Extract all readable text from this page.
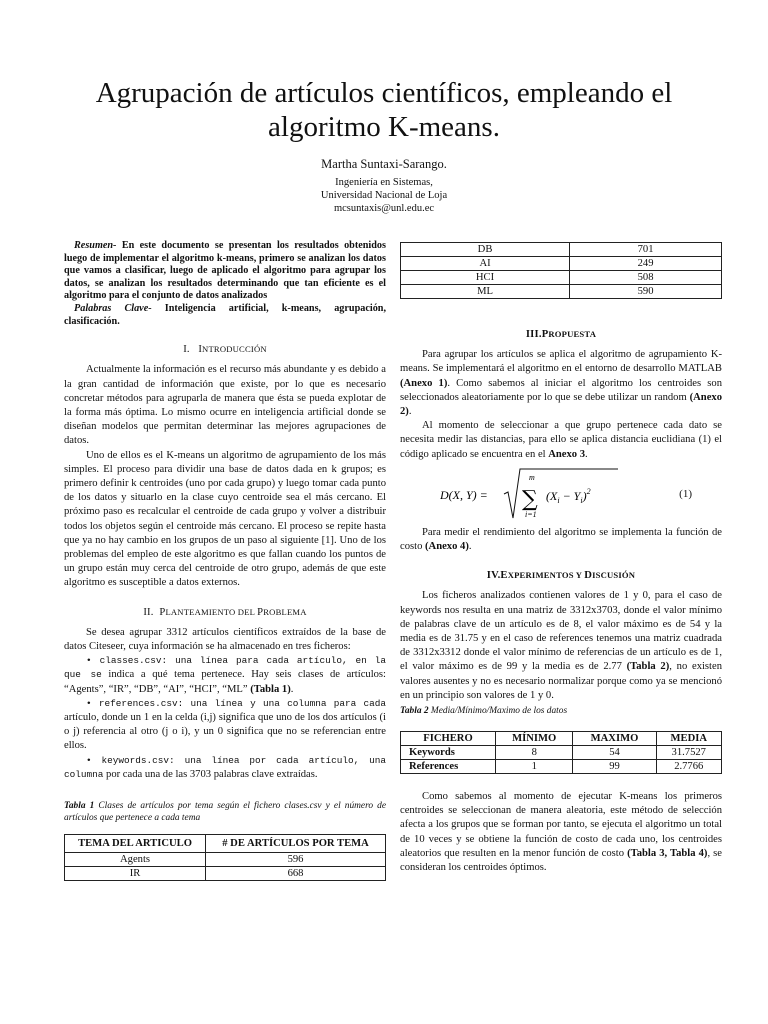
Agrupación de artículos científicos, empleando el algoritmo K-means.
Martha Suntaxi-Sarango.
Ingeniería en Sistemas,
Universidad Nacional de Loja
mcsuntaxis@unl.edu.ec

Resumen- En este documento se presentan los resultados obtenidos luego de implementar el algoritmo k-means, primero se analizan los datos que vamos a clasificar, luego de aplicado el algoritmo para agrupar los datos, se analizan los resultados determinando que tan eficiente es el algoritmo para el conjunto de datos analizados

Palabras Clave- Inteligencia artificial, k-means, agrupación, clasificación.

I. INTRODUCCIÓN

Actualmente la información es el recurso más abundante y es debido a la gran cantidad de información que existe, por lo que es necesario concretar métodos para agruparla de manera que ésta se pueda explotar de la forma más óptima. Lo mismo ocurre en inteligencia artificial donde se diseñan modelos que permitan determinar las mejores agrupaciones de datos.

Uno de ellos es el K-means un algoritmo de agrupamiento de los más simples. El proceso para dividir una base de datos dada en k grupos; es primero definir k centroides (uno por cada grupo) y luego tomar cada punto de los datos y situarlo en la clase cuyo centroide sea el más cercano. El próximo paso es recalcular el centroide de cada grupo y volver a distribuir todos los objetos según el centroide más cercano. El proceso se repite hasta que ya no hay cambio en los grupos de un paso al siguiente [1]. Uno de los problemas del empleo de este algoritmo es que fallan cuando los puntos de un grupo están muy cerca del centroide de otro grupo, además de que este algoritmo es susceptible a datos externos.

II. PLANTEAMIENTO DEL PROBLEMA

Se desea agrupar 3312 artículos científicos extraídos de la base de datos Citeseer, cuya información se ha almacenado en tres ficheros:

• classes.csv: una línea para cada artículo, en la que se indica a qué tema pertenece. Hay seis clases de artículos: “Agents”, “IR”, “DB”, “AI”, “HCI”, “ML” (Tabla 1).

• references.csv: una línea y una columna para cada artículo, donde un 1 en la celda (i,j) significa que uno de los dos artículos (i o j) referencia al otro (j o i), y un 0 significa que no se referencian entre ellos.

• keywords.csv: una línea por cada artículo, una columna por cada una de las 3703 palabras clave extraídas.

Tabla 1 Clases de artículos por tema según el fichero clases.csv y el número de artículos que pertenece a cada tema

TEMA DEL ARTICULO	# DE ARTÍCULOS POR TEMA
Agents	596
IR	668
DB	701
AI	249
HCI	508
ML	590
III.PROPUESTA

Para agrupar los artículos se aplica el algoritmo de agrupamiento K-means. Se implementará el algoritmo en el entorno de desarrollo MATLAB (Anexo 1). Como sabemos al iniciar el algoritmo los centroides son seleccionados aleatoriamente por lo que se debe utilizar un random (Anexo 2).

Al momento de seleccionar a que grupo pertenece cada dato se necesita medir las distancias, para ello se aplica distancia euclidiana (1) el código aplicado se encuentra en el Anexo 3.

D(X, Y) =
m
∑
i=1
$(X_i - Y_i)^2$	(1)

Para medir el rendimiento del algoritmo se implementa la función de costo (Anexo 4).

IV.EXPERIMENTOS Y DISCUSIÓN

Los ficheros analizados contienen valores de 1 y 0, para el caso de keywords nos resulta en una matriz de 3312x3703, donde el valor mínimo de palabras clave de un artículo es de 8, el valor máximo es de 54 y la media es de 31.75 y en el caso de references tenemos una matriz cuadrada de 3312x3312 donde el valor mínimo de referencias de un artículo es de 1, el valor máximo es de 99 y la media es de 2.77 (Tabla 2), no existen valores ausentes y no es necesario normalizar porque como ya se mencionó en un principio son valores de 1 y 0.

Tabla 2 Media/Mínimo/Maximo de los datos

FICHERO	MÍNIMO	MAXIMO	MEDIA
Keywords	8	54	31.7527
References	1	99	2.7766

Como sabemos al momento de ejecutar K-means los primeros centroides se seleccionan de manera aleatoria, este método de selección afecta a los grupos que se forman por tanto, se ejecuta el algoritmo un total de 10 veces y se obtiene la función de costo de cada uno, los centroides aleatorios que resulten en la menor función de costo (Tabla 3, Tabla 4), se consideran los centroides óptimos.
